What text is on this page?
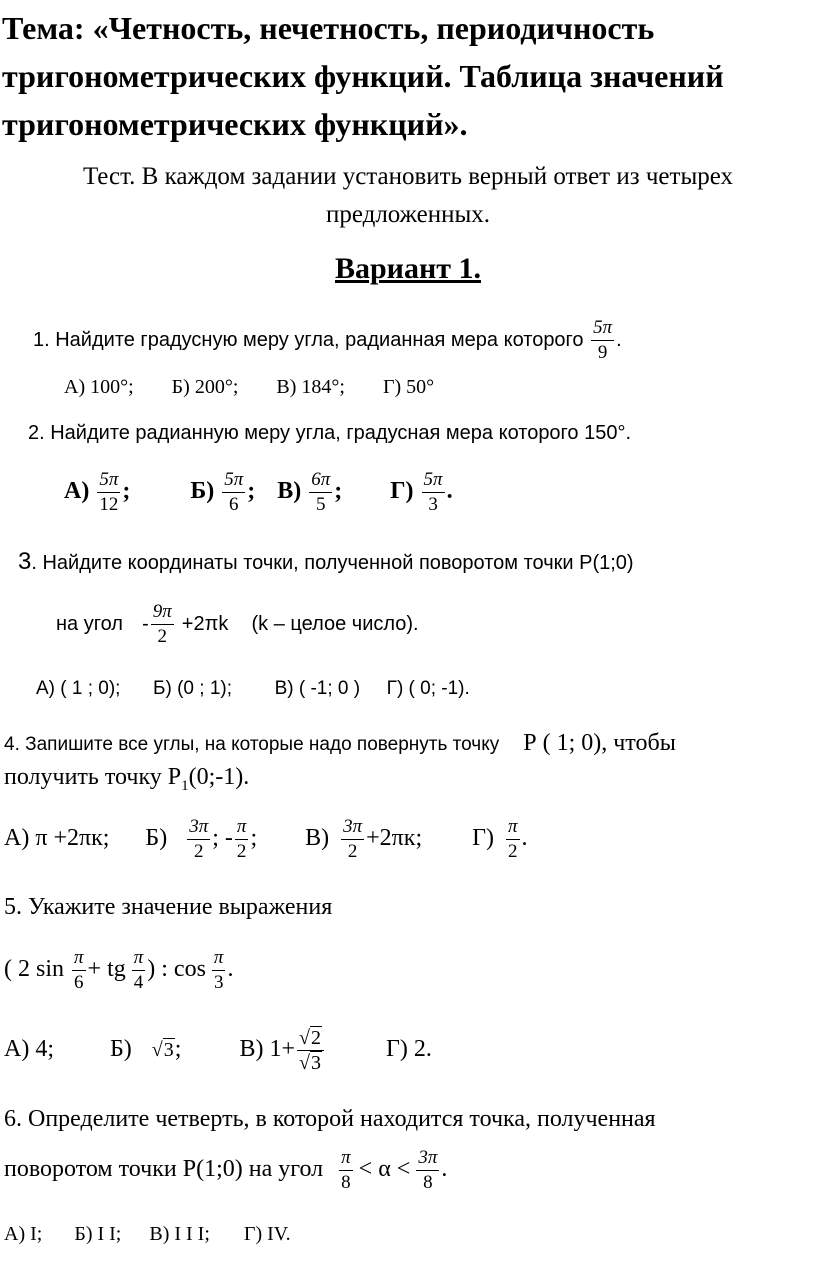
Тема: «Четность, нечетность, периодичность тригонометрических функций. Таблица значений тригонометрических функций».
Тест. В каждом задании установить верный ответ из четырех предложенных.
Вариант 1.
1. Найдите градусную меру угла, радианная мера которого $\frac{5\pi}{9}$ .
А) 100°; Б) 200°; В) 184°; Г) 50°
2. Найдите радианную меру угла, градусная мера которого 150°.
$А) \frac{5\pi}{12}$ ;	$Б) \frac{5\pi}{6}$ ; $В) \frac{6\pi}{5}$ ; $Г) \frac{5\pi}{3}$ .
3. Найдите координаты точки, полученной поворотом точки Р(1;0)
на угол - $\frac{9\pi}{2} +2\pi k$ (k – целое число).
А) ( 1 ; 0); Б) (0 ; 1); В) ( -1; 0 ) Г) ( 0; -1).
4. Запишите все углы, на которые надо повернуть точку Р ( 1; 0), чтобы
получить точку $Р_1(0;-1)$.
А) π +2πк; $Б) \frac{3\pi}{2}$ ; - $\frac{\pi}{2}$ ; $В) \frac{3\pi}{2} +2\pi к$; $Г) \frac{\pi}{2}$ .
5. Укажите значение выражения
( 2 $\sin \frac{\pi}{6}$ + tg $\frac{\pi}{4}$ ) : $\cos \frac{\pi}{3}$ .
А) 4; Б) √3; В) $1+ \frac{√2}{√3}$	Г) 2.
6. Определите четверть, в которой находится точка, полученная
поворотом точки Р(1;0) на угол $\frac{\pi}{8} < \alpha < \frac{3\pi}{8}$ .
А) I; Б) I I; В) I I I; Г) IV.
